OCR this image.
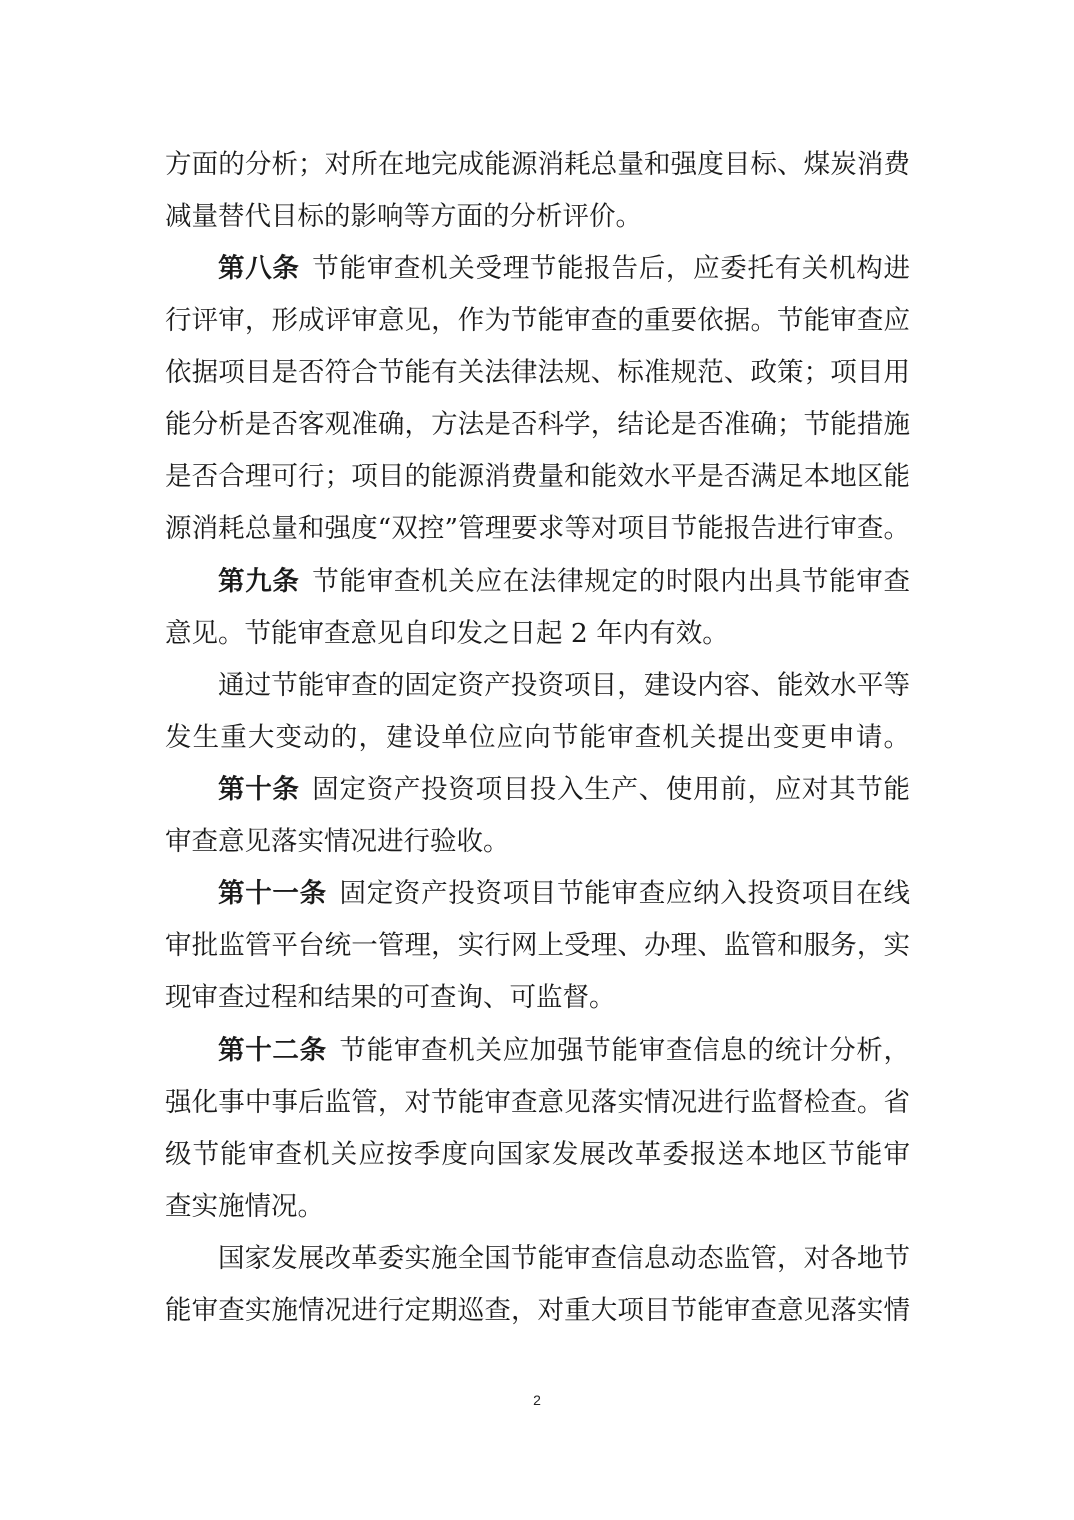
方面的分析；对所在地完成能源消耗总量和强度目标、煤炭消费
减量替代目标的影响等方面的分析评价。
第八条 节能审查机关受理节能报告后，应委托有关机构进
行评审，形成评审意见，作为节能审查的重要依据。节能审查应
依据项目是否符合节能有关法律法规、标准规范、政策；项目用
能分析是否客观准确，方法是否科学，结论是否准确；节能措施
是否合理可行；项目的能源消费量和能效水平是否满足本地区能
源消耗总量和强度“双控”管理要求等对项目节能报告进行审查。
第九条 节能审查机关应在法律规定的时限内出具节能审查
意见。节能审查意见自印发之日起 2 年内有效。
通过节能审查的固定资产投资项目，建设内容、能效水平等
发生重大变动的，建设单位应向节能审查机关提出变更申请。
第十条 固定资产投资项目投入生产、使用前，应对其节能
审查意见落实情况进行验收。
第十一条 固定资产投资项目节能审查应纳入投资项目在线
审批监管平台统一管理，实行网上受理、办理、监管和服务，实
现审查过程和结果的可查询、可监督。
第十二条 节能审查机关应加强节能审查信息的统计分析，
强化事中事后监管，对节能审查意见落实情况进行监督检查。省
级节能审查机关应按季度向国家发展改革委报送本地区节能审
查实施情况。
国家发展改革委实施全国节能审查信息动态监管，对各地节
能审查实施情况进行定期巡查，对重大项目节能审查意见落实情
2
